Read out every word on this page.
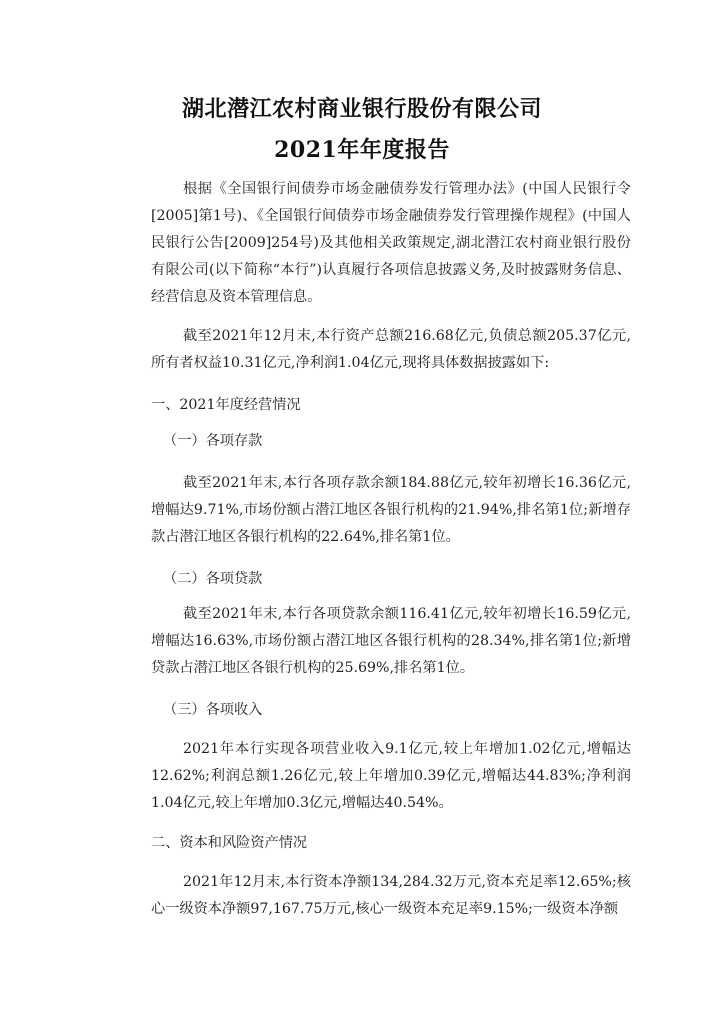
湖北潜江农村商业银行股份有限公司
2021年年度报告

根据《全国银行间债券市场金融债券发行管理办法》(中国人民银行令[2005]第1号)、《全国银行间债券市场金融债券发行管理操作规程》(中国人民银行公告[2009]254号)及其他相关政策规定,湖北潜江农村商业银行股份有限公司(以下简称“本行”)认真履行各项信息披露义务,及时披露财务信息、经营信息及资本管理信息。

截至2021年12月末,本行资产总额216.68亿元,负债总额205.37亿元,所有者权益10.31亿元,净利润1.04亿元,现将具体数据披露如下:

一、2021年度经营情况
（一）各项存款

截至2021年末,本行各项存款余额184.88亿元,较年初增长16.36亿元,增幅达9.71%,市场份额占潜江地区各银行机构的21.94%,排名第1位;新增存款占潜江地区各银行机构的22.64%,排名第1位。

（二）各项贷款

截至2021年末,本行各项贷款余额116.41亿元,较年初增长16.59亿元,增幅达16.63%,市场份额占潜江地区各银行机构的28.34%,排名第1位;新增贷款占潜江地区各银行机构的25.69%,排名第1位。

（三）各项收入

2021年本行实现各项营业收入9.1亿元,较上年增加1.02亿元,增幅达12.62%;利润总额1.26亿元,较上年增加0.39亿元,增幅达44.83%;净利润1.04亿元,较上年增加0.3亿元,增幅达40.54%。

二、资本和风险资产情况

2021年12月末,本行资本净额134,284.32万元,资本充足率12.65%;核心一级资本净额97,167.75万元,核心一级资本充足率9.15%;一级资本净额
